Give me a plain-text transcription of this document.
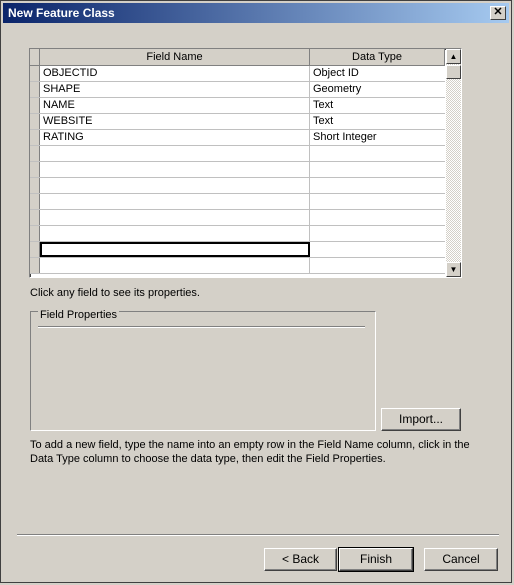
New Feature Class	✕
Field Name	Data Type
OBJECTID	Object ID
SHAPE	Geometry
NAME	Text
WEBSITE	Text
RATING	Short Integer
▲
▼
Click any field to see its properties.
Field Properties
Import...
To add a new field, type the name into an empty row in the Field Name column, click in the Data Type column to choose the data type, then edit the Field Properties.
< Back	Finish	Cancel
